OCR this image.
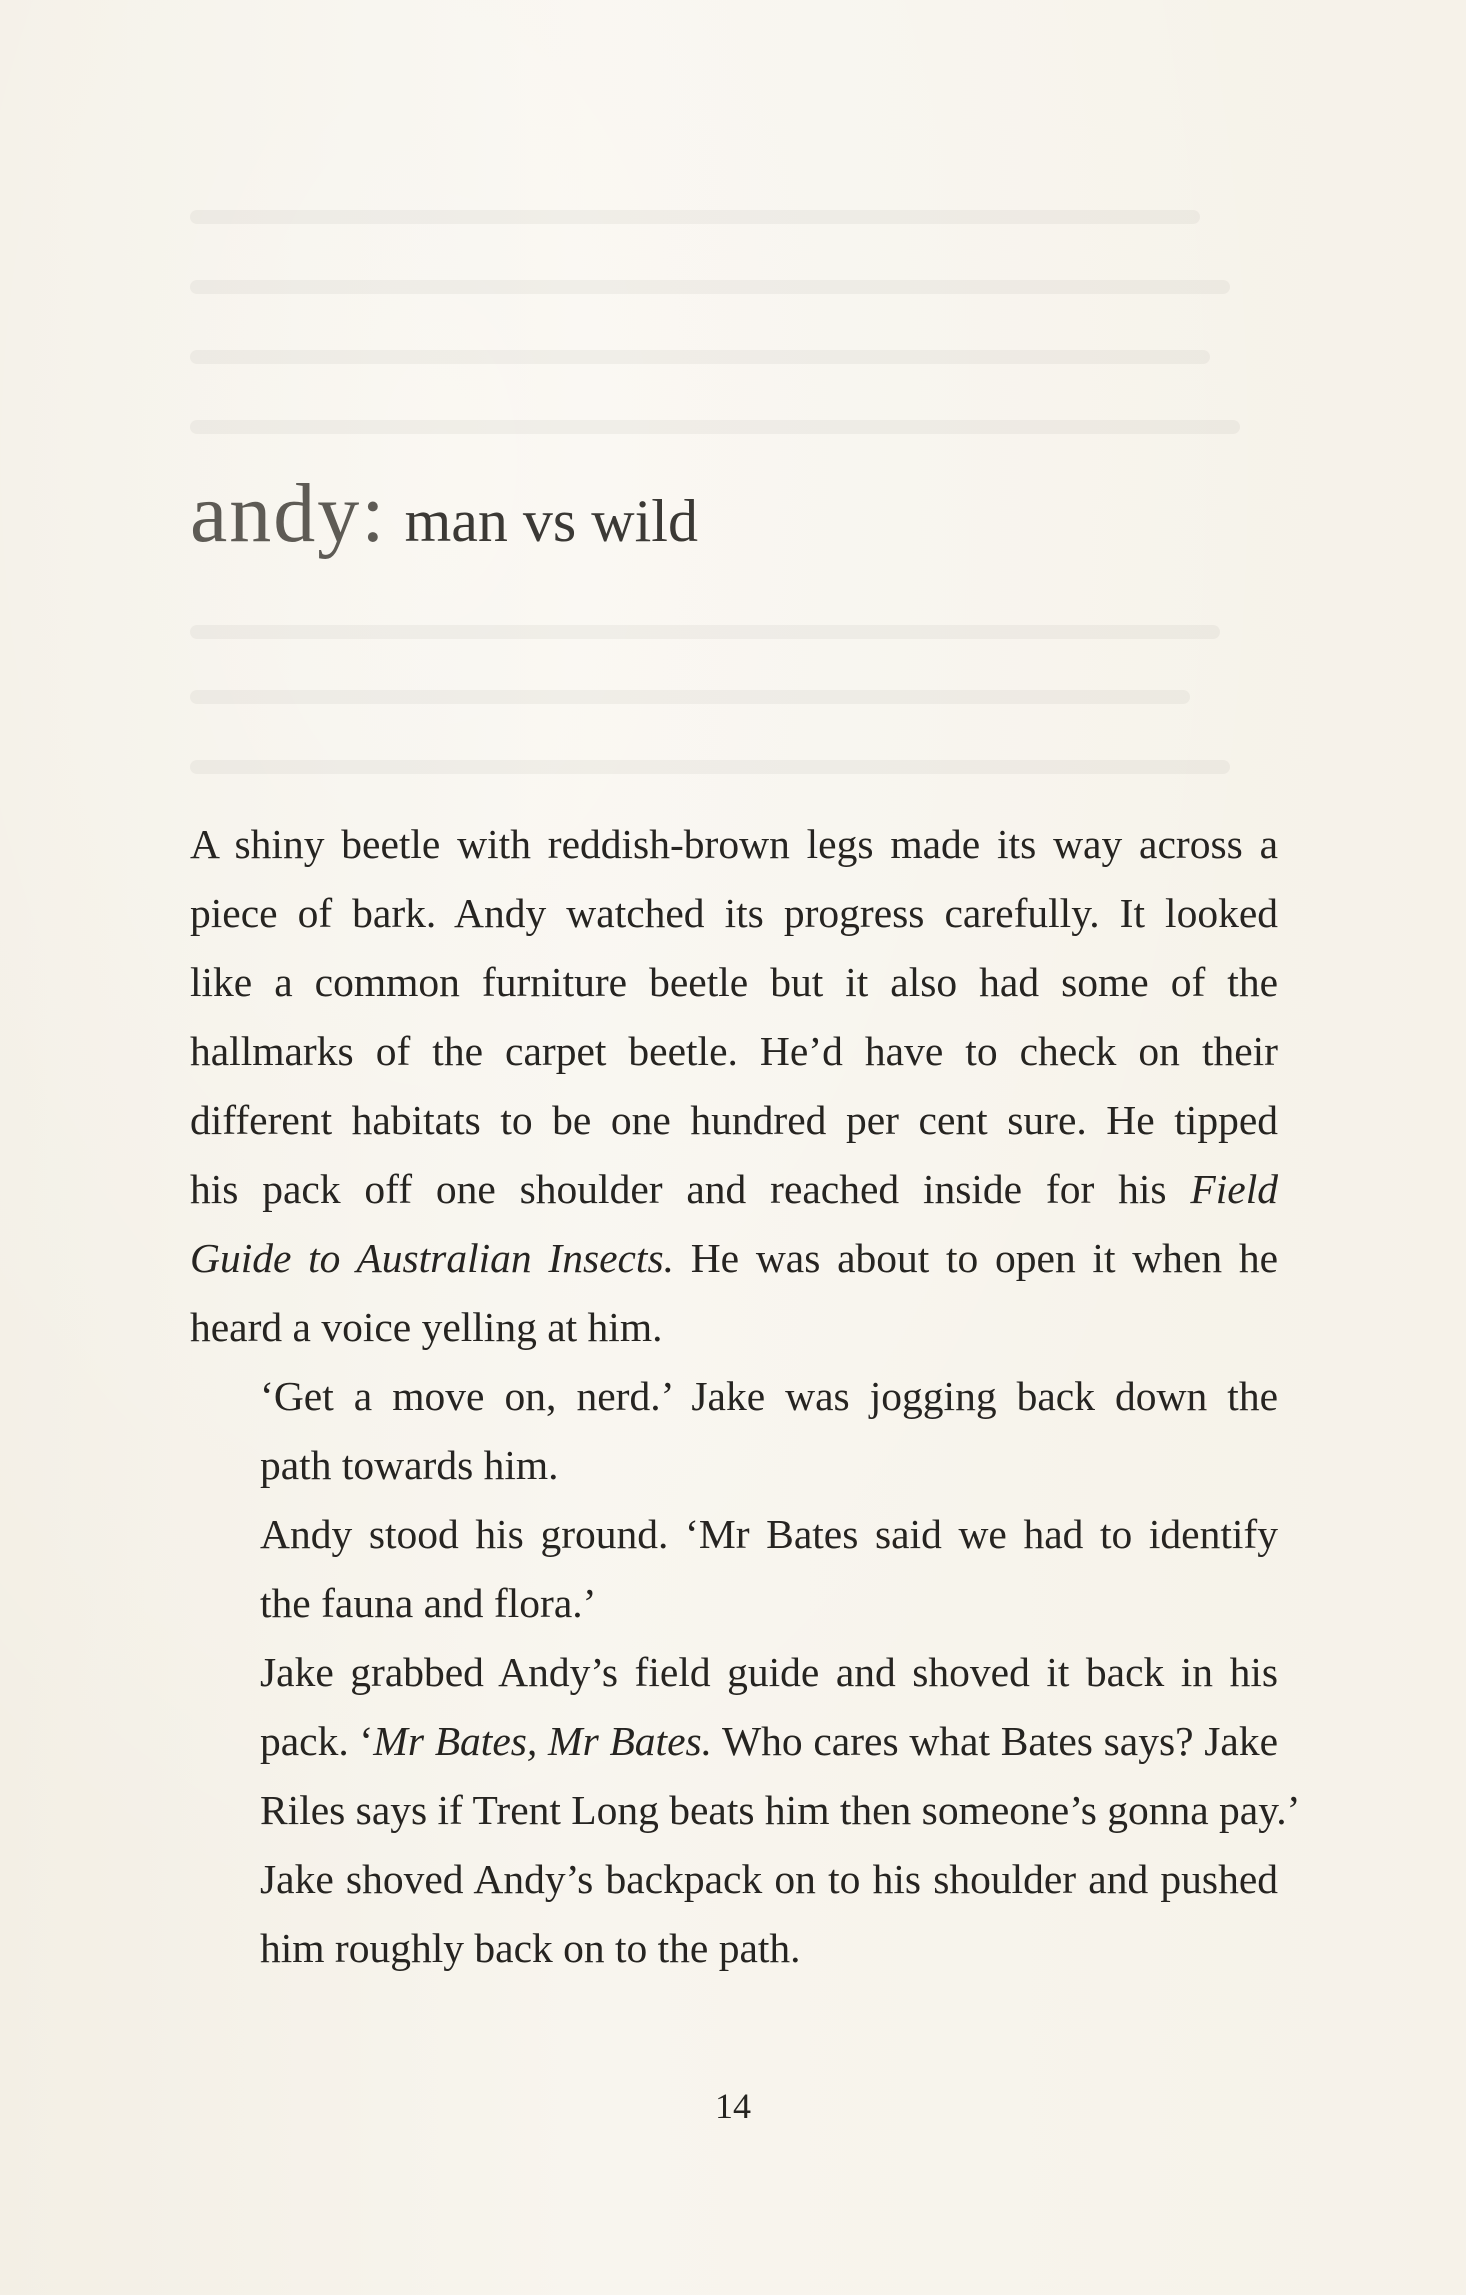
andy: man vs wild
A shiny beetle with reddish-brown legs made its way across a
piece of bark. Andy watched its progress carefully. It looked
like a common furniture beetle but it also had some of the
hallmarks of the carpet beetle. He’d have to check on their
different habitats to be one hundred per cent sure. He tipped
his pack off one shoulder and reached inside for his Field
Guide to Australian Insects. He was about to open it when he
heard a voice yelling at him.
‘Get a move on, nerd.’ Jake was jogging back down the
path towards him.
Andy stood his ground. ‘Mr Bates said we had to identify
the fauna and flora.’
Jake grabbed Andy’s field guide and shoved it back in his
pack. ‘Mr Bates, Mr Bates. Who cares what Bates says? Jake
Riles says if Trent Long beats him then someone’s gonna pay.’
Jake shoved Andy’s backpack on to his shoulder and pushed
him roughly back on to the path.
14
